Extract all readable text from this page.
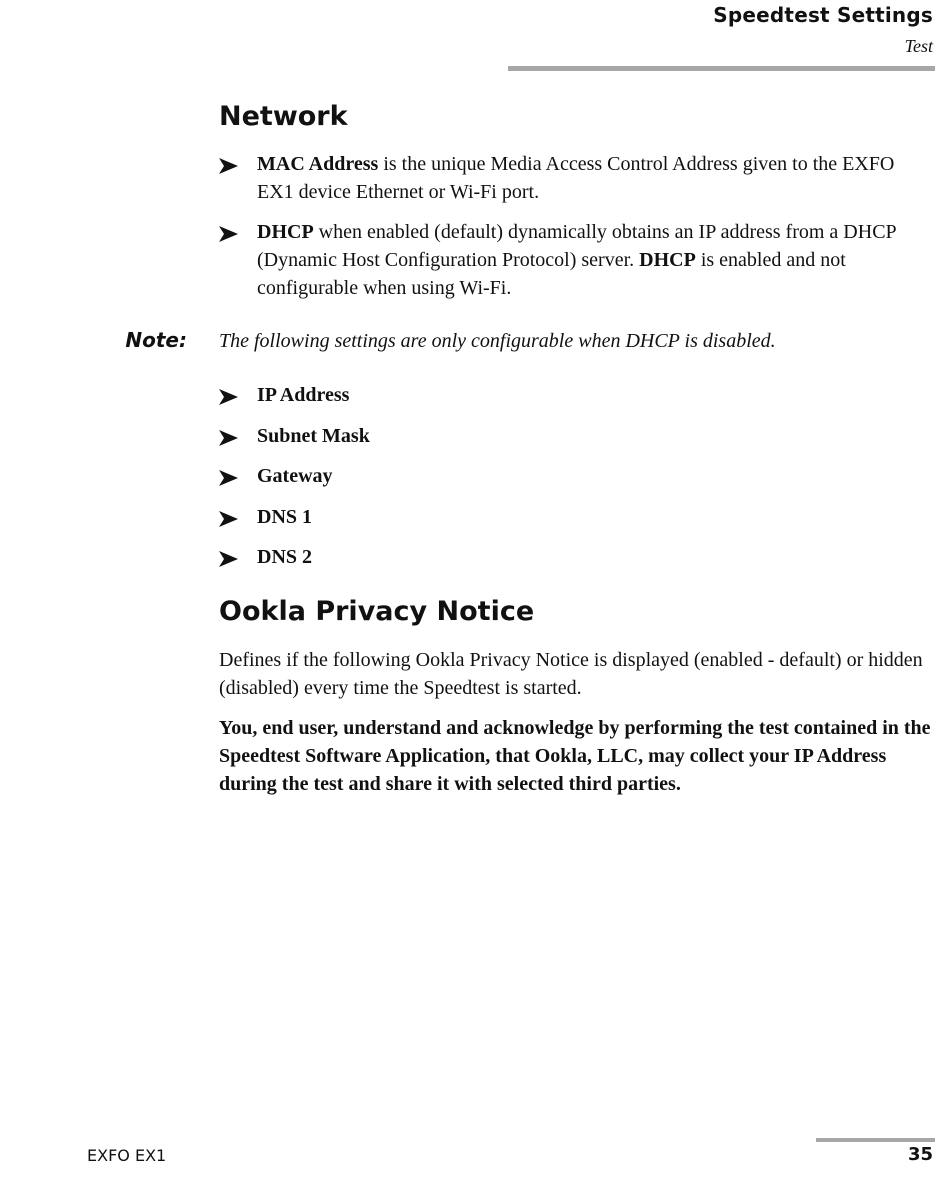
Speedtest Settings
Test
Network
MAC Address is the unique Media Access Control Address given to the EXFO EX1 device Ethernet or Wi-Fi port.
DHCP when enabled (default) dynamically obtains an IP address from a DHCP (Dynamic Host Configuration Protocol) server. DHCP is enabled and not configurable when using Wi-Fi.
Note: The following settings are only configurable when DHCP is disabled.
IP Address
Subnet Mask
Gateway
DNS 1
DNS 2
Ookla Privacy Notice

Defines if the following Ookla Privacy Notice is displayed (enabled - default) or hidden (disabled) every time the Speedtest is started.

You, end user, understand and acknowledge by performing the test contained in the Speedtest Software Application, that Ookla, LLC, may collect your IP Address during the test and share it with selected third parties.

EXFO EX1	35
